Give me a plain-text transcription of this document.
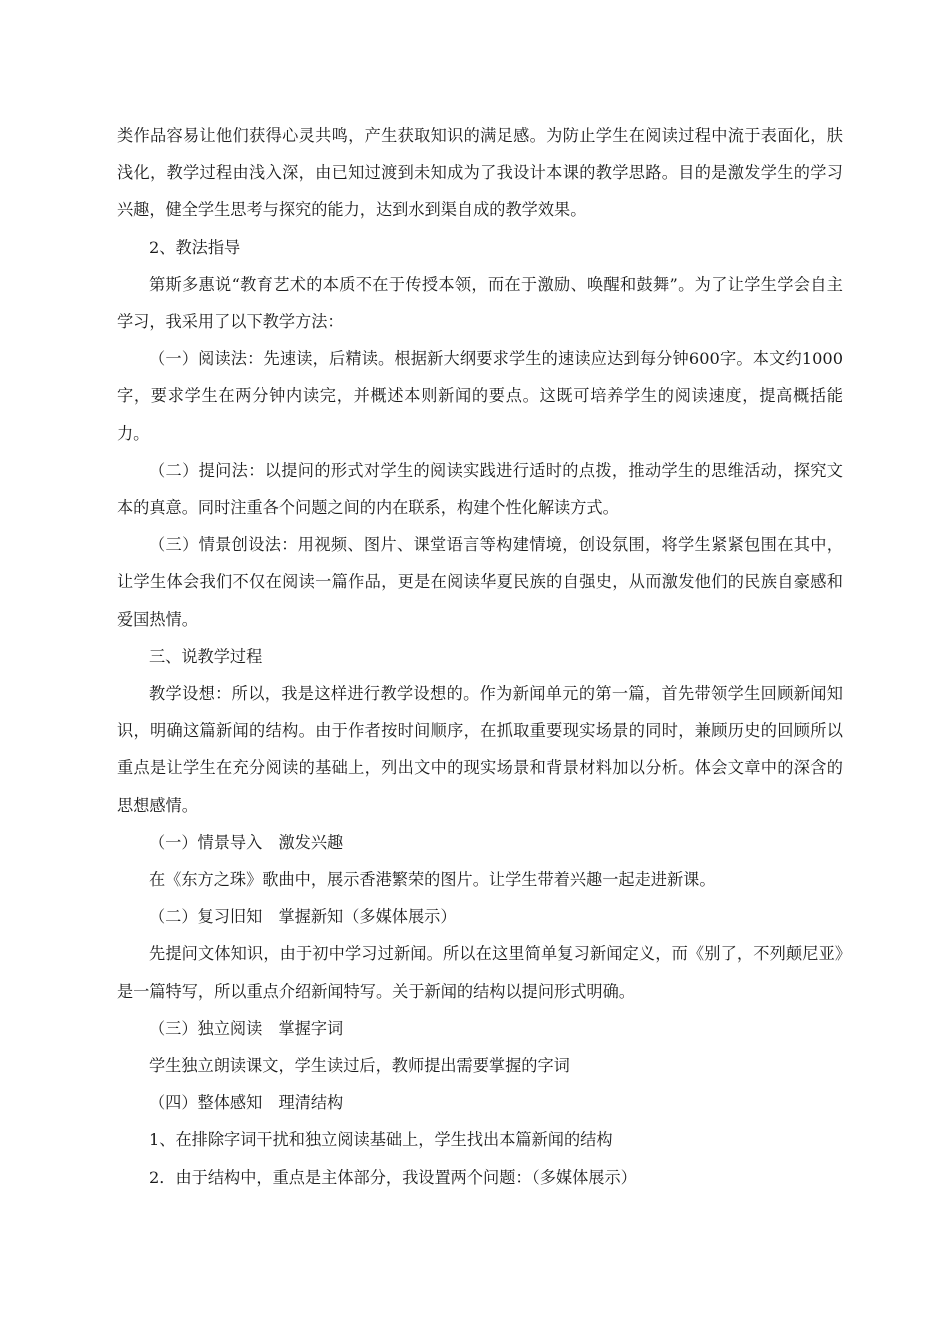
类作品容易让他们获得心灵共鸣，产生获取知识的满足感。为防止学生在阅读过程中流于表面化，肤浅化，教学过程由浅入深，由已知过渡到未知成为了我设计本课的教学思路。目的是激发学生的学习兴趣，健全学生思考与探究的能力，达到水到渠自成的教学效果。

2、教法指导

第斯多惠说“教育艺术的本质不在于传授本领，而在于激励、唤醒和鼓舞”。为了让学生学会自主学习，我采用了以下教学方法：

（一）阅读法：先速读，后精读。根据新大纲要求学生的速读应达到每分钟600字。本文约1000字，要求学生在两分钟内读完，并概述本则新闻的要点。这既可培养学生的阅读速度，提高概括能力。

（二）提问法：以提问的形式对学生的阅读实践进行适时的点拨，推动学生的思维活动，探究文本的真意。同时注重各个问题之间的内在联系，构建个性化解读方式。

（三）情景创设法：用视频、图片、课堂语言等构建情境，创设氛围，将学生紧紧包围在其中，让学生体会我们不仅在阅读一篇作品，更是在阅读华夏民族的自强史，从而激发他们的民族自豪感和爱国热情。

三、说教学过程

教学设想：所以，我是这样进行教学设想的。作为新闻单元的第一篇，首先带领学生回顾新闻知识，明确这篇新闻的结构。由于作者按时间顺序，在抓取重要现实场景的同时，兼顾历史的回顾所以重点是让学生在充分阅读的基础上，列出文中的现实场景和背景材料加以分析。体会文章中的深含的思想感情。

（一）情景导入　激发兴趣

在《东方之珠》歌曲中，展示香港繁荣的图片。让学生带着兴趣一起走进新课。

（二）复习旧知　掌握新知（多媒体展示）

先提问文体知识，由于初中学习过新闻。所以在这里简单复习新闻定义，而《别了，不列颠尼亚》是一篇特写，所以重点介绍新闻特写。关于新闻的结构以提问形式明确。

（三）独立阅读　掌握字词

学生独立朗读课文，学生读过后，教师提出需要掌握的字词

（四）整体感知　理清结构

1、在排除字词干扰和独立阅读基础上，学生找出本篇新闻的结构

2．由于结构中，重点是主体部分，我设置两个问题：（多媒体展示）
